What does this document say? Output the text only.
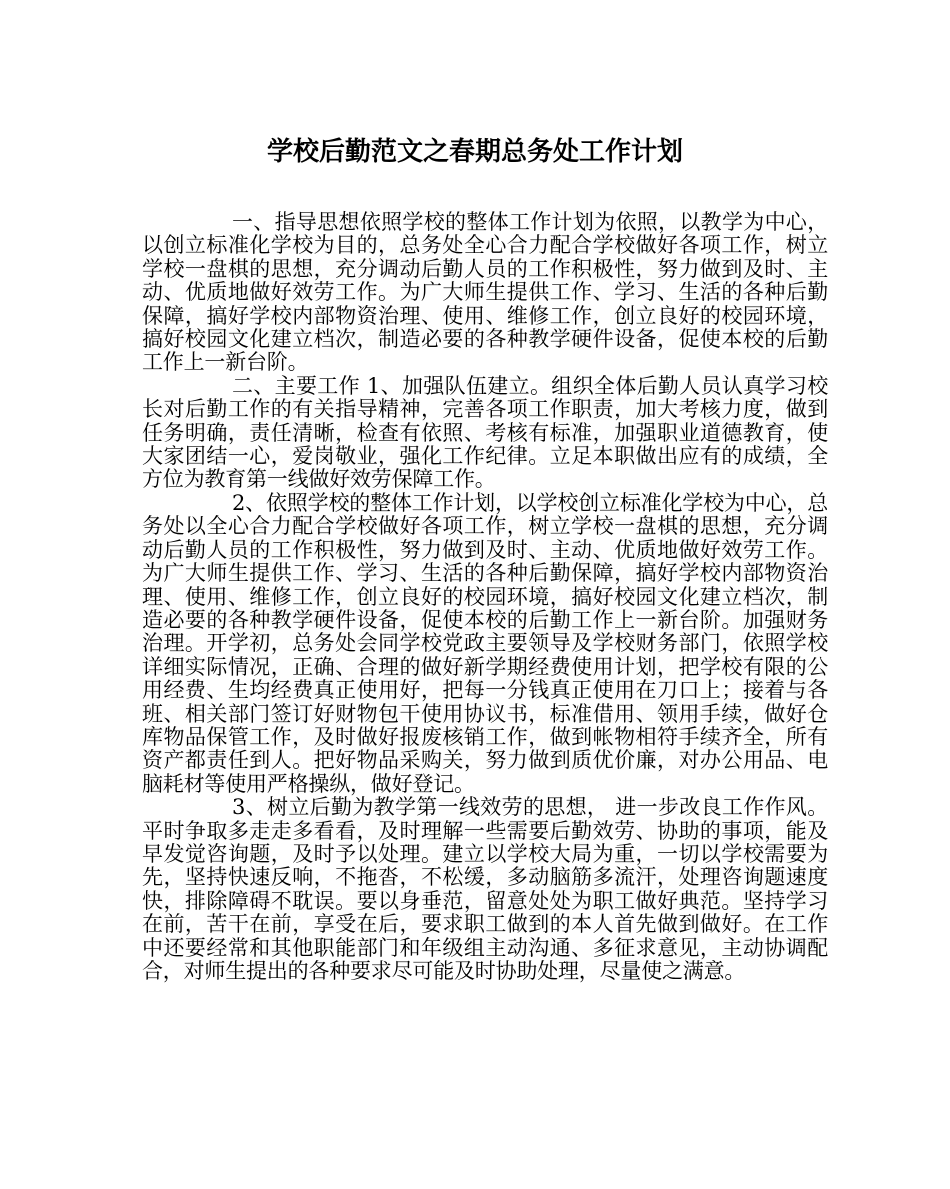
学校后勤范文之春期总务处工作计划

一、指导思想依照学校的整体工作计划为依照，以教学为中心，以创立标准化学校为目的，总务处全心合力配合学校做好各项工作，树立学校一盘棋的思想，充分调动后勤人员的工作积极性，努力做到及时、主动、优质地做好效劳工作。为广大师生提供工作、学习、生活的各种后勤保障，搞好学校内部物资治理、使用、维修工作，创立良好的校园环境，搞好校园文化建立档次，制造必要的各种教学硬件设备，促使本校的后勤工作上一新台阶。

二、主要工作 1、加强队伍建立。组织全体后勤人员认真学习校长对后勤工作的有关指导精神，完善各项工作职责，加大考核力度，做到任务明确，责任清晰，检查有依照、考核有标准，加强职业道德教育，使大家团结一心，爱岗敬业，强化工作纪律。立足本职做出应有的成绩，全方位为教育第一线做好效劳保障工作。

2、依照学校的整体工作计划，以学校创立标准化学校为中心，总务处以全心合力配合学校做好各项工作，树立学校一盘棋的思想，充分调动后勤人员的工作积极性，努力做到及时、主动、优质地做好效劳工作。为广大师生提供工作、学习、生活的各种后勤保障，搞好学校内部物资治理、使用、维修工作，创立良好的校园环境，搞好校园文化建立档次，制造必要的各种教学硬件设备，促使本校的后勤工作上一新台阶。加强财务治理。开学初，总务处会同学校党政主要领导及学校财务部门，依照学校详细实际情况，正确、合理的做好新学期经费使用计划，把学校有限的公用经费、生均经费真正使用好，把每一分钱真正使用在刀口上；接着与各班、相关部门签订好财物包干使用协议书，标准借用、领用手续，做好仓库物品保管工作，及时做好报废核销工作，做到帐物相符手续齐全，所有资产都责任到人。把好物品采购关，努力做到质优价廉，对办公用品、电脑耗材等使用严格操纵，做好登记。

3、树立后勤为教学第一线效劳的思想， 进一步改良工作作风。平时争取多走走多看看，及时理解一些需要后勤效劳、协助的事项，能及早发觉咨询题，及时予以处理。建立以学校大局为重，一切以学校需要为先，坚持快速反响，不拖沓，不松缓，多动脑筋多流汗，处理咨询题速度快，排除障碍不耽误。要以身垂范，留意处处为职工做好典范。坚持学习在前，苦干在前，享受在后，要求职工做到的本人首先做到做好。在工作中还要经常和其他职能部门和年级组主动沟通、多征求意见，主动协调配合，对师生提出的各种要求尽可能及时协助处理，尽量使之满意。
